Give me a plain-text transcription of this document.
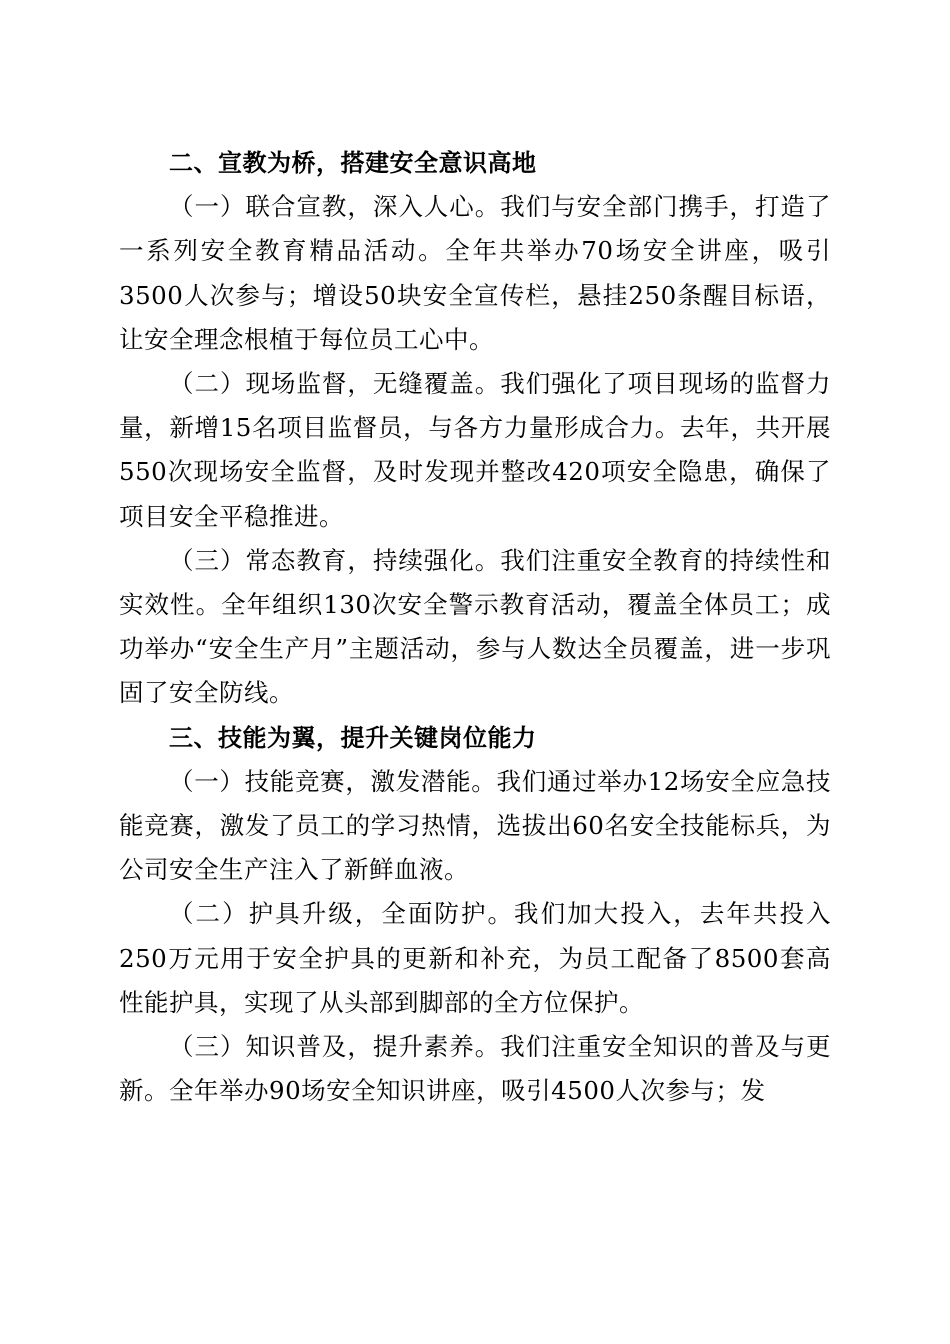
二、宣教为桥，搭建安全意识高地

（一）联合宣教，深入人心。我们与安全部门携手，打造了一系列安全教育精品活动。全年共举办70场安全讲座，吸引3500人次参与；增设50块安全宣传栏，悬挂250条醒目标语，让安全理念根植于每位员工心中。

（二）现场监督，无缝覆盖。我们强化了项目现场的监督力量，新增15名项目监督员，与各方力量形成合力。去年，共开展550次现场安全监督，及时发现并整改420项安全隐患，确保了项目安全平稳推进。

（三）常态教育，持续强化。我们注重安全教育的持续性和实效性。全年组织130次安全警示教育活动，覆盖全体员工；成功举办“安全生产月”主题活动，参与人数达全员覆盖，进一步巩固了安全防线。

三、技能为翼，提升关键岗位能力

（一）技能竞赛，激发潜能。我们通过举办12场安全应急技能竞赛，激发了员工的学习热情，选拔出60名安全技能标兵，为公司安全生产注入了新鲜血液。

（二）护具升级，全面防护。我们加大投入，去年共投入250万元用于安全护具的更新和补充，为员工配备了8500套高性能护具，实现了从头部到脚部的全方位保护。

（三）知识普及，提升素养。我们注重安全知识的普及与更新。全年举办90场安全知识讲座，吸引4500人次参与；发
